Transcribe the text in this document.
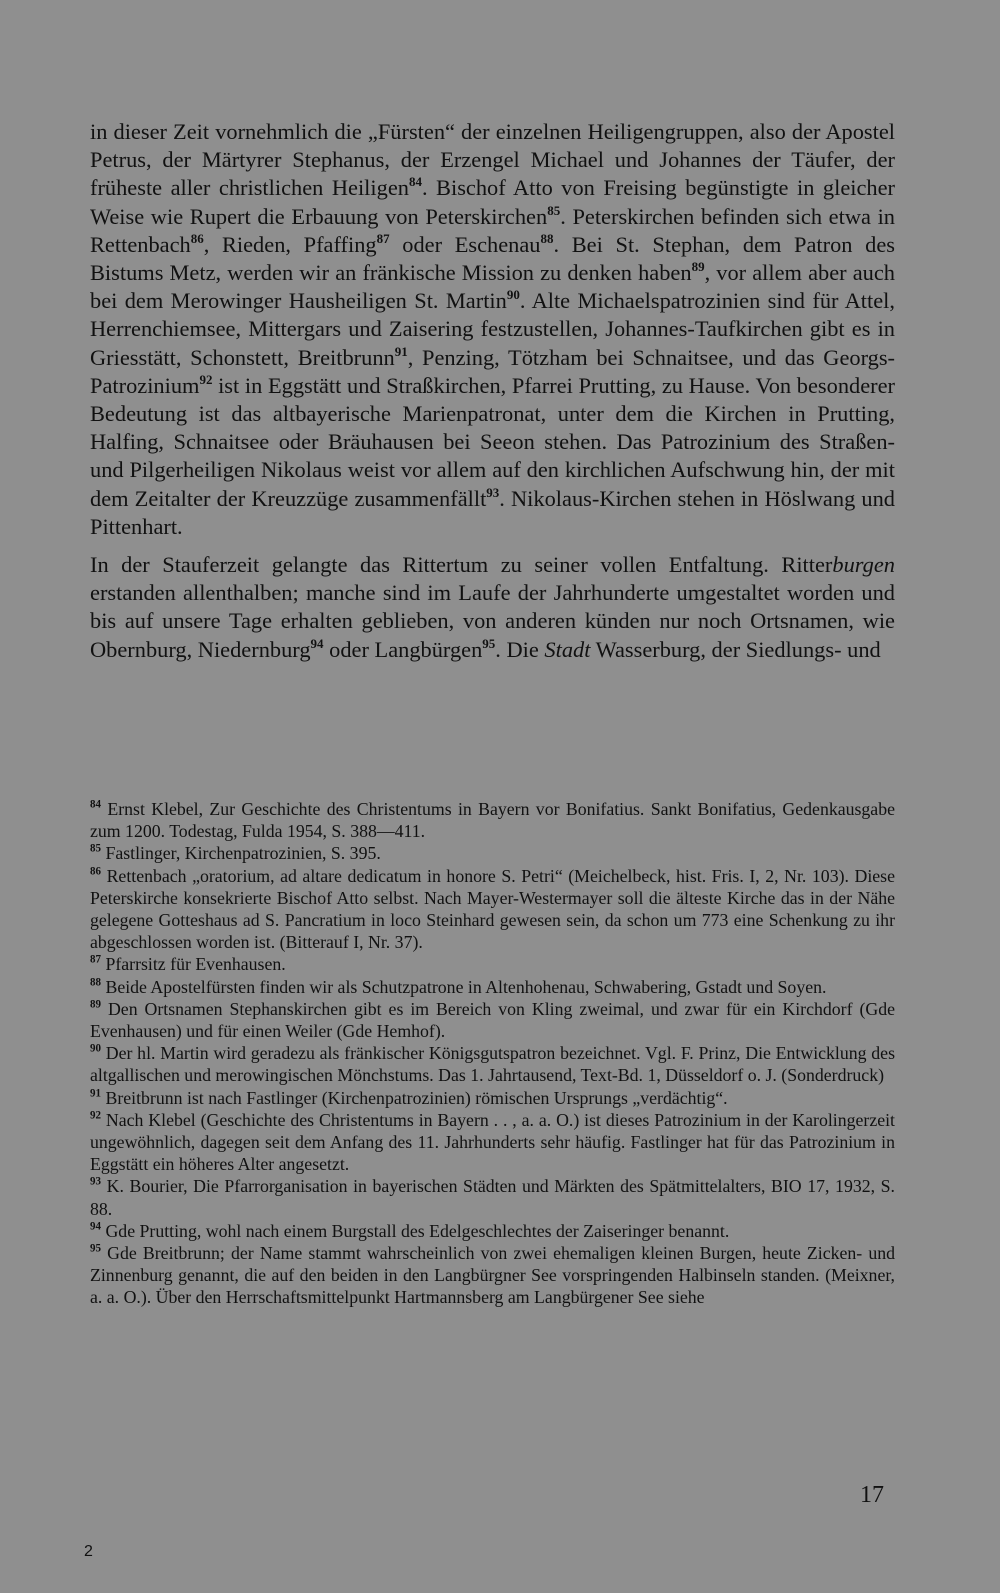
in dieser Zeit vornehmlich die „Fürsten“ der einzelnen Heiligengruppen, also der Apostel Petrus, der Märtyrer Stephanus, der Erzengel Michael und Johannes der Täufer, der früheste aller christlichen Heiligen$^{84}$. Bischof Atto von Freising begünstigte in gleicher Weise wie Rupert die Erbauung von Peterskirchen$^{85}$. Peterskirchen befinden sich etwa in Rettenbach$^{86}$, Rieden, Pfaffing$^{87}$ oder Eschenau$^{88}$. Bei St. Stephan, dem Patron des Bistums Metz, werden wir an fränkische Mission zu denken haben$^{89}$, vor allem aber auch bei dem Merowinger Hausheiligen St. Martin$^{90}$. Alte Michaelspatrozinien sind für Attel, Herrenchiemsee, Mittergars und Zaisering festzustellen, Johannes-Taufkirchen gibt es in Griesstätt, Schonstett, Breitbrunn$^{91}$, Penzing, Tötzham bei Schnaitsee, und das Georgs-Patrozinium$^{92}$ ist in Eggstätt und Straßkirchen, Pfarrei Prutting, zu Hause. Von besonderer Bedeutung ist das altbayerische Marienpatronat, unter dem die Kirchen in Prutting, Halfing, Schnaitsee oder Bräuhausen bei Seeon stehen. Das Patrozinium des Straßen- und Pilgerheiligen Nikolaus weist vor allem auf den kirchlichen Aufschwung hin, der mit dem Zeitalter der Kreuzzüge zusammenfällt$^{93}$. Nikolaus-Kirchen stehen in Höslwang und Pittenhart.

In der Stauferzeit gelangte das Rittertum zu seiner vollen Entfaltung. Ritterburgen erstanden allenthalben; manche sind im Laufe der Jahrhunderte umgestaltet worden und bis auf unsere Tage erhalten geblieben, von anderen künden nur noch Ortsnamen, wie Obernburg, Niedernburg$^{94}$ oder Langbürgen$^{95}$. Die Stadt Wasserburg, der Siedlungs- und

$^{84}$ Ernst Klebel, Zur Geschichte des Christentums in Bayern vor Bonifatius. Sankt Bonifatius, Gedenkausgabe zum 1200. Todestag, Fulda 1954, S. 388—411.

$^{85}$ Fastlinger, Kirchenpatrozinien, S. 395.

$^{86}$ Rettenbach „oratorium, ad altare dedicatum in honore S. Petri“ (Meichelbeck, hist. Fris. I, 2, Nr. 103). Diese Peterskirche konsekrierte Bischof Atto selbst. Nach Mayer-Westermayer soll die älteste Kirche das in der Nähe gelegene Gotteshaus ad S. Pancratium in loco Steinhard gewesen sein, da schon um 773 eine Schenkung zu ihr abgeschlossen worden ist. (Bitterauf I, Nr. 37).

$^{87}$ Pfarrsitz für Evenhausen.

$^{88}$ Beide Apostelfürsten finden wir als Schutzpatrone in Altenhohenau, Schwabering, Gstadt und Soyen.

$^{89}$ Den Ortsnamen Stephanskirchen gibt es im Bereich von Kling zweimal, und zwar für ein Kirchdorf (Gde Evenhausen) und für einen Weiler (Gde Hemhof).

$^{90}$ Der hl. Martin wird geradezu als fränkischer Königsgutspatron bezeichnet. Vgl. F. Prinz, Die Entwicklung des altgallischen und merowingischen Mönchstums. Das 1. Jahrtausend, Text-Bd. 1, Düsseldorf o. J. (Sonderdruck)

$^{91}$ Breitbrunn ist nach Fastlinger (Kirchenpatrozinien) römischen Ursprungs „verdächtig“.

$^{92}$ Nach Klebel (Geschichte des Christentums in Bayern . . , a. a. O.) ist dieses Patrozinium in der Karolingerzeit ungewöhnlich, dagegen seit dem Anfang des 11. Jahrhunderts sehr häufig. Fastlinger hat für das Patrozinium in Eggstätt ein höheres Alter angesetzt.

$^{93}$ K. Bourier, Die Pfarrorganisation in bayerischen Städten und Märkten des Spätmittelalters, BIO 17, 1932, S. 88.

$^{94}$ Gde Prutting, wohl nach einem Burgstall des Edelgeschlechtes der Zaiseringer benannt.

$^{95}$ Gde Breitbrunn; der Name stammt wahrscheinlich von zwei ehemaligen kleinen Burgen, heute Zicken- und Zinnenburg genannt, die auf den beiden in den Langbürgner See vorspringenden Halbinseln standen. (Meixner, a. a. O.). Über den Herrschaftsmittelpunkt Hartmannsberg am Langbürgener See siehe

17
2
